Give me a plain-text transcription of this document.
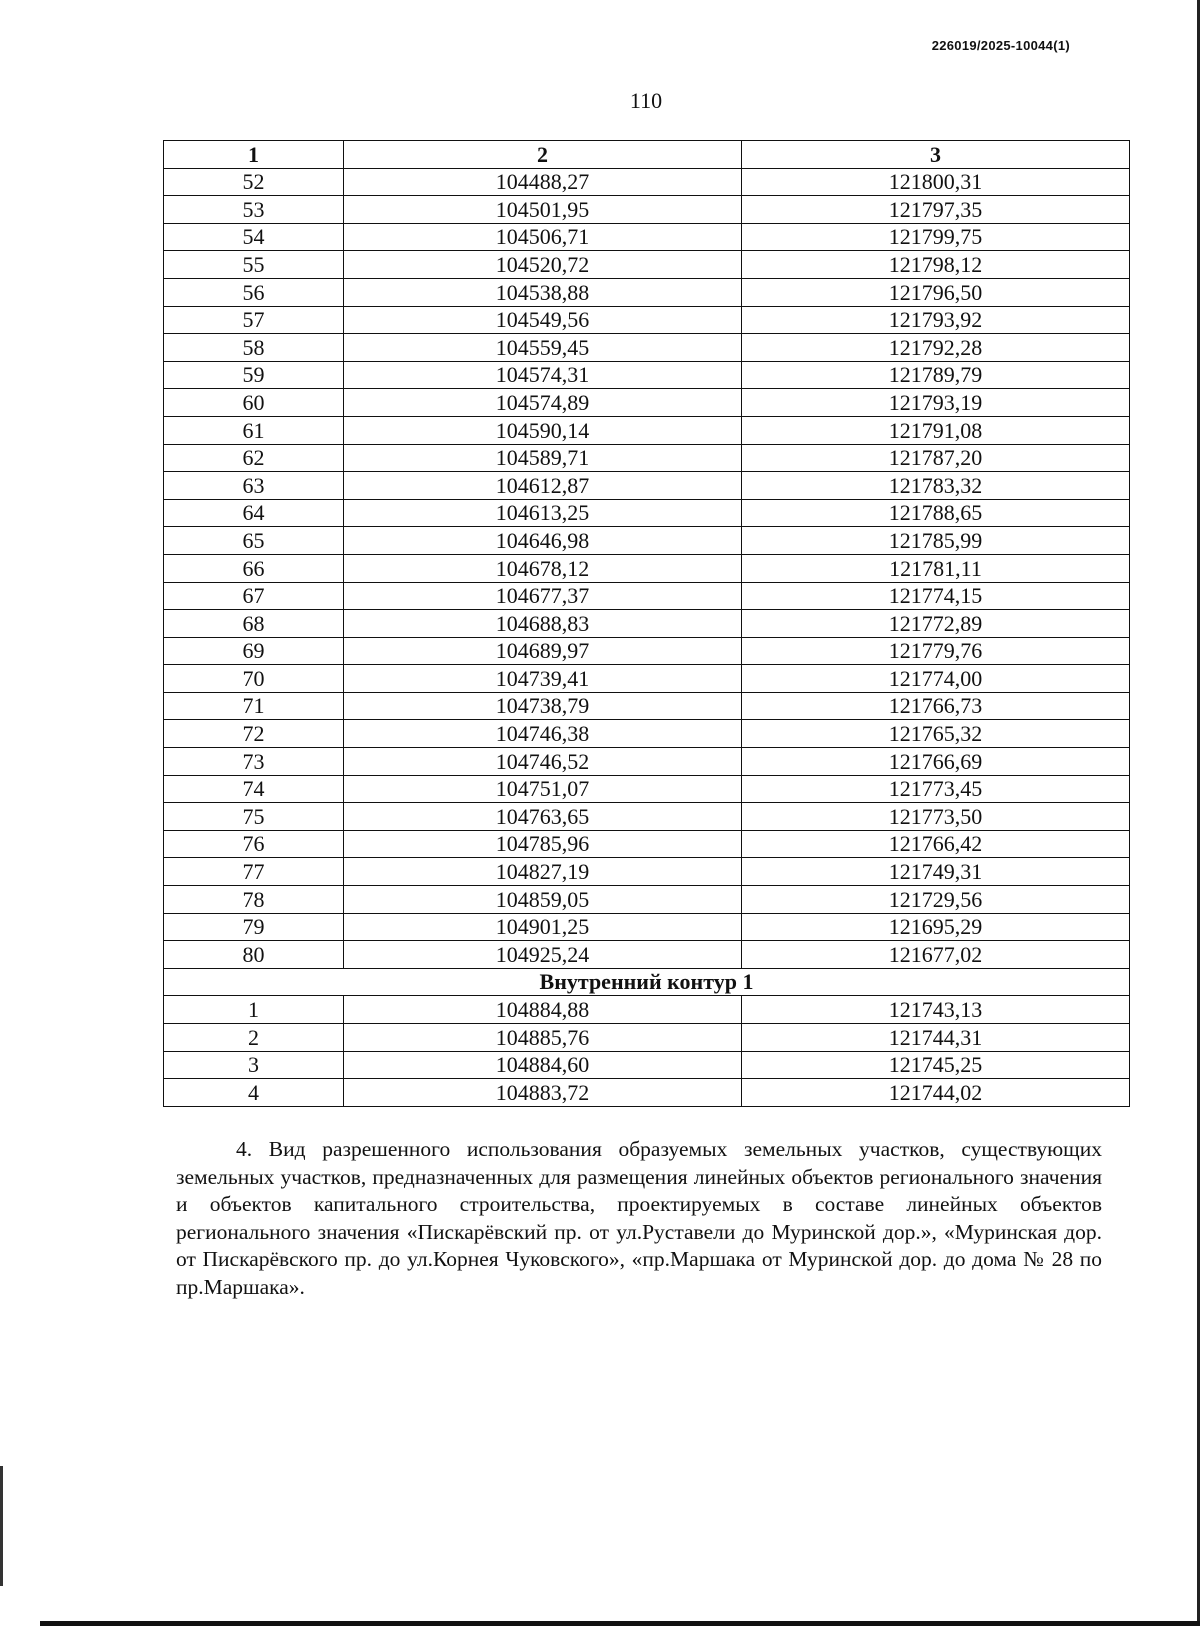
226019/2025-10044(1)
110
1	2	3
52	104488,27	121800,31
53	104501,95	121797,35
54	104506,71	121799,75
55	104520,72	121798,12
56	104538,88	121796,50
57	104549,56	121793,92
58	104559,45	121792,28
59	104574,31	121789,79
60	104574,89	121793,19
61	104590,14	121791,08
62	104589,71	121787,20
63	104612,87	121783,32
64	104613,25	121788,65
65	104646,98	121785,99
66	104678,12	121781,11
67	104677,37	121774,15
68	104688,83	121772,89
69	104689,97	121779,76
70	104739,41	121774,00
71	104738,79	121766,73
72	104746,38	121765,32
73	104746,52	121766,69
74	104751,07	121773,45
75	104763,65	121773,50
76	104785,96	121766,42
77	104827,19	121749,31
78	104859,05	121729,56
79	104901,25	121695,29
80	104925,24	121677,02
Внутренний контур 1		
1	104884,88	121743,13
2	104885,76	121744,31
3	104884,60	121745,25
4	104883,72	121744,02
4. Вид разрешенного использования образуемых земельных участков, существующих земельных участков, предназначенных для размещения линейных объектов регионального значения и объектов капитального строительства, проектируемых в составе линейных объектов регионального значения «Пискарёвский пр. от ул.Руставели до Муринской дор.», «Муринская дор. от Пискарёвского пр. до ул.Корнея Чуковского», «пр.Маршака от Муринской дор. до дома № 28 по пр.Маршака».
